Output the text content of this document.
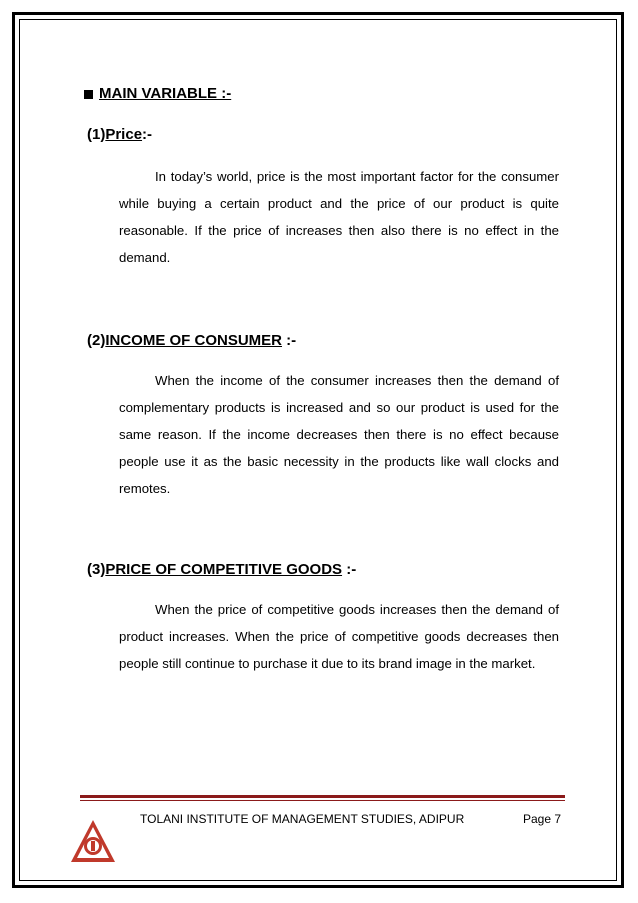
MAIN VARIABLE :-
(1)Price:-

In today’s world, price is the most important factor for the consumer while buying a certain product and the price of our product is quite reasonable. If the price of increases then also there is no effect in the demand.

(2)INCOME OF CONSUMER :-

When the income of the consumer increases then the demand of complementary products is increased and so our product is used for the same reason. If the income decreases then there is no effect because people use it as the basic necessity in the products like wall clocks and remotes.

(3)PRICE OF COMPETITIVE GOODS :-

When the price of competitive goods increases then the demand of product increases. When the price of competitive goods decreases then people still continue to purchase it due to its brand image in the market.

TOLANI INSTITUTE OF MANAGEMENT STUDIES, ADIPUR	Page 7
